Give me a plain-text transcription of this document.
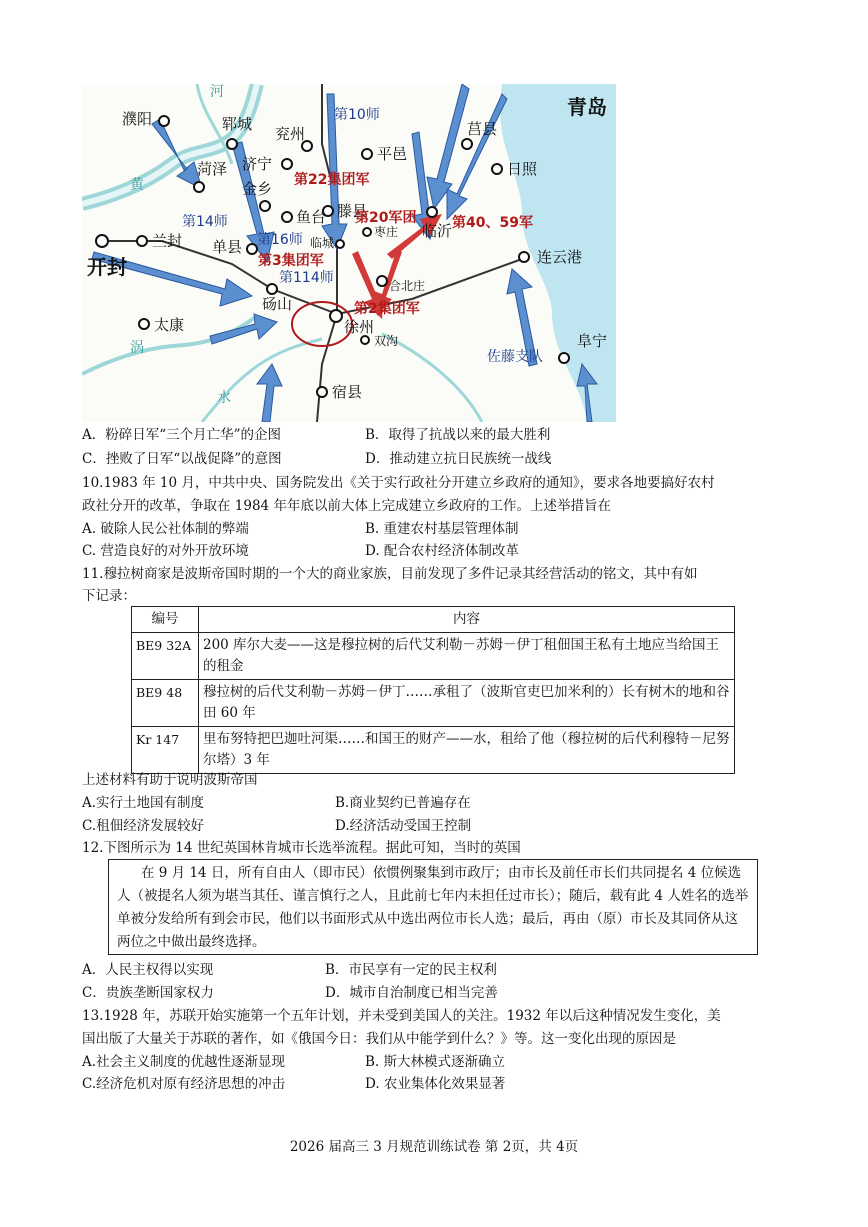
濮阳	郓城
兖州
平邑
莒县
青岛
菏泽 济宁
金乡
日照
鱼台 滕县
临沂
兰封
开封
单县	临城
枣庄
连云港
合北庄
砀山
徐州
太康
双沟	阜宁
宿县
第10师
第14师
第16师
第114师
佐藤支队
第22集团军
第20军团	第40、59军
第3集团军
第2集团军
黄
涡
水
河
A．粉碎日军“三个月亡华”的企图	B．取得了抗战以来的最大胜利
C．挫败了日军“以战促降”的意图	D．推动建立抗日民族统一战线
10.1983 年 10 月，中共中央、国务院发出《关于实行政社分开建立乡政府的通知》，要求各地要搞好农村
政社分开的改革，争取在 1984 年年底以前大体上完成建立乡政府的工作。上述举措旨在
A. 破除人民公社体制的弊端	B. 重建农村基层管理体制
C. 营造良好的对外开放环境	D. 配合农村经济体制改革
11.穆拉树商家是波斯帝国时期的一个大的商业家族，目前发现了多件记录其经营活动的铭文，其中有如
下记录：
编号	内容
BE9 32A	200 库尔大麦——这是穆拉树的后代艾利勒－苏姆－伊丁租佃国王私有土地应当给国王的租金
BE9 48	穆拉树的后代艾利勒－苏姆－伊丁……承租了（波斯官吏巴加米利的）长有树木的地和谷田 60 年
Kr 147	里布努特把巴迦吐河渠……和国王的财产——水，租给了他（穆拉树的后代利穆特－尼努尔塔）3 年
上述材料有助于说明波斯帝国
A.实行土地国有制度	B.商业契约已普遍存在
C.租佃经济发展较好	D.经济活动受国王控制
12.下图所示为 14 世纪英国林肯城市长选举流程。据此可知，当时的英国
在 9 月 14 日，所有自由人（即市民）依惯例聚集到市政厅；由市长及前任市长们共同提名 4 位候选人（被提名人须为堪当其任、谨言慎行之人，且此前七年内未担任过市长）；随后，载有此 4 人姓名的选举单被分发给所有到会市民，他们以书面形式从中选出两位市长人选；最后，再由（原）市长及其同侪从这两位之中做出最终选择。
A．人民主权得以实现	B．市民享有一定的民主权利
C．贵族垄断国家权力	D．城市自治制度已相当完善
13.1928 年，苏联开始实施第一个五年计划，并未受到美国人的关注。1932 年以后这种情况发生变化，美
国出版了大量关于苏联的著作，如《俄国今日：我们从中能学到什么？》等。这一变化出现的原因是
A.社会主义制度的优越性逐渐显现	B. 斯大林模式逐渐确立
C.经济危机对原有经济思想的冲击	D. 农业集体化效果显著
2026 届高三 3 月规范训练试卷 第 2页，共 4页
